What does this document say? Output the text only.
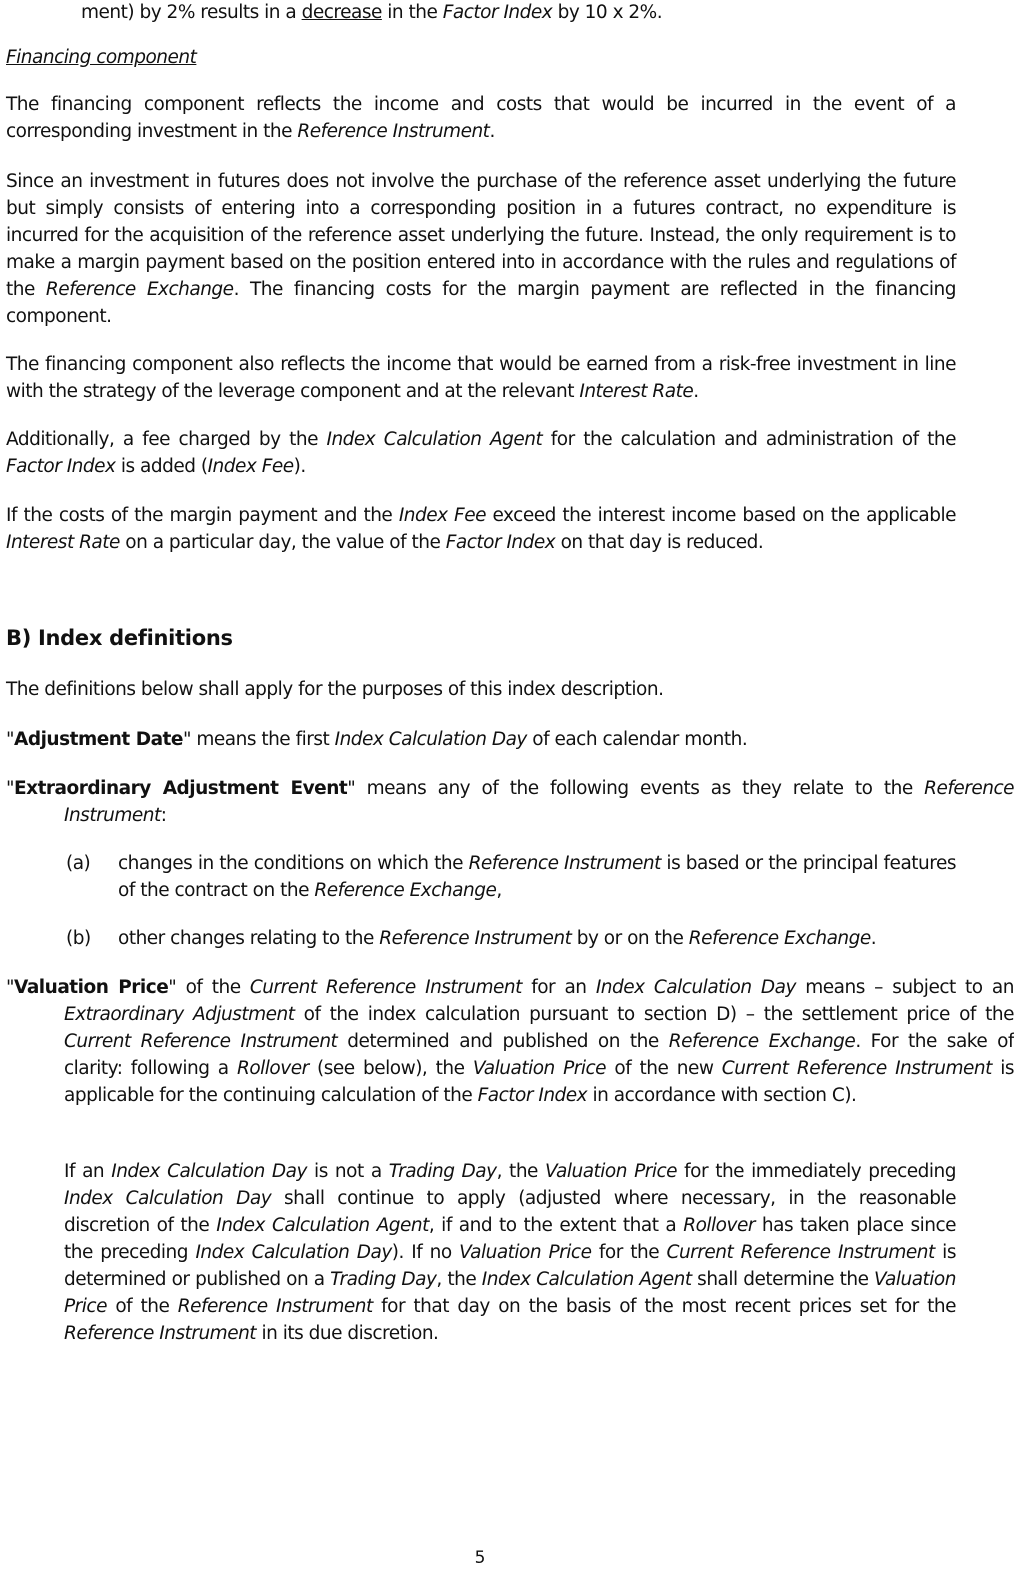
ment) by 2% results in a decrease in the Factor Index by 10 x 2%.

Financing component

The financing component reflects the income and costs that would be incurred in the event of a corresponding investment in the Reference Instrument.

Since an investment in futures does not involve the purchase of the reference asset underlying the future but simply consists of entering into a corresponding position in a futures contract, no expenditure is incurred for the acquisition of the reference asset underlying the future. Instead, the only requirement is to make a margin payment based on the position entered into in accordance with the rules and regulations of the Reference Exchange. The financing costs for the margin payment are reflected in the financing component.

The financing component also reflects the income that would be earned from a risk-free investment in line with the strategy of the leverage component and at the relevant Interest Rate.

Additionally, a fee charged by the Index Calculation Agent for the calculation and administration of the Factor Index is added (Index Fee).

If the costs of the margin payment and the Index Fee exceed the interest income based on the applicable Interest Rate on a particular day, the value of the Factor Index on that day is reduced.

B) Index definitions

The definitions below shall apply for the purposes of this index description.

"Adjustment Date" means the first Index Calculation Day of each calendar month.

"Extraordinary Adjustment Event" means any of the following events as they relate to the Reference Instrument:

(a) changes in the conditions on which the Reference Instrument is based or the principal features of the contract on the Reference Exchange,

(b) other changes relating to the Reference Instrument by or on the Reference Exchange.

"Valuation Price" of the Current Reference Instrument for an Index Calculation Day means – subject to an Extraordinary Adjustment of the index calculation pursuant to section D) – the settlement price of the Current Reference Instrument determined and published on the Reference Exchange. For the sake of clarity: following a Rollover (see below), the Valuation Price of the new Current Reference Instrument is applicable for the continuing calculation of the Factor Index in accordance with section C).

If an Index Calculation Day is not a Trading Day, the Valuation Price for the immediately preceding Index Calculation Day shall continue to apply (adjusted where necessary, in the reasonable discretion of the Index Calculation Agent, if and to the extent that a Rollover has taken place since the preceding Index Calculation Day). If no Valuation Price for the Current Reference Instrument is determined or published on a Trading Day, the Index Calculation Agent shall determine the Valuation Price of the Reference Instrument for that day on the basis of the most recent prices set for the Reference Instrument in its due discretion.

5
